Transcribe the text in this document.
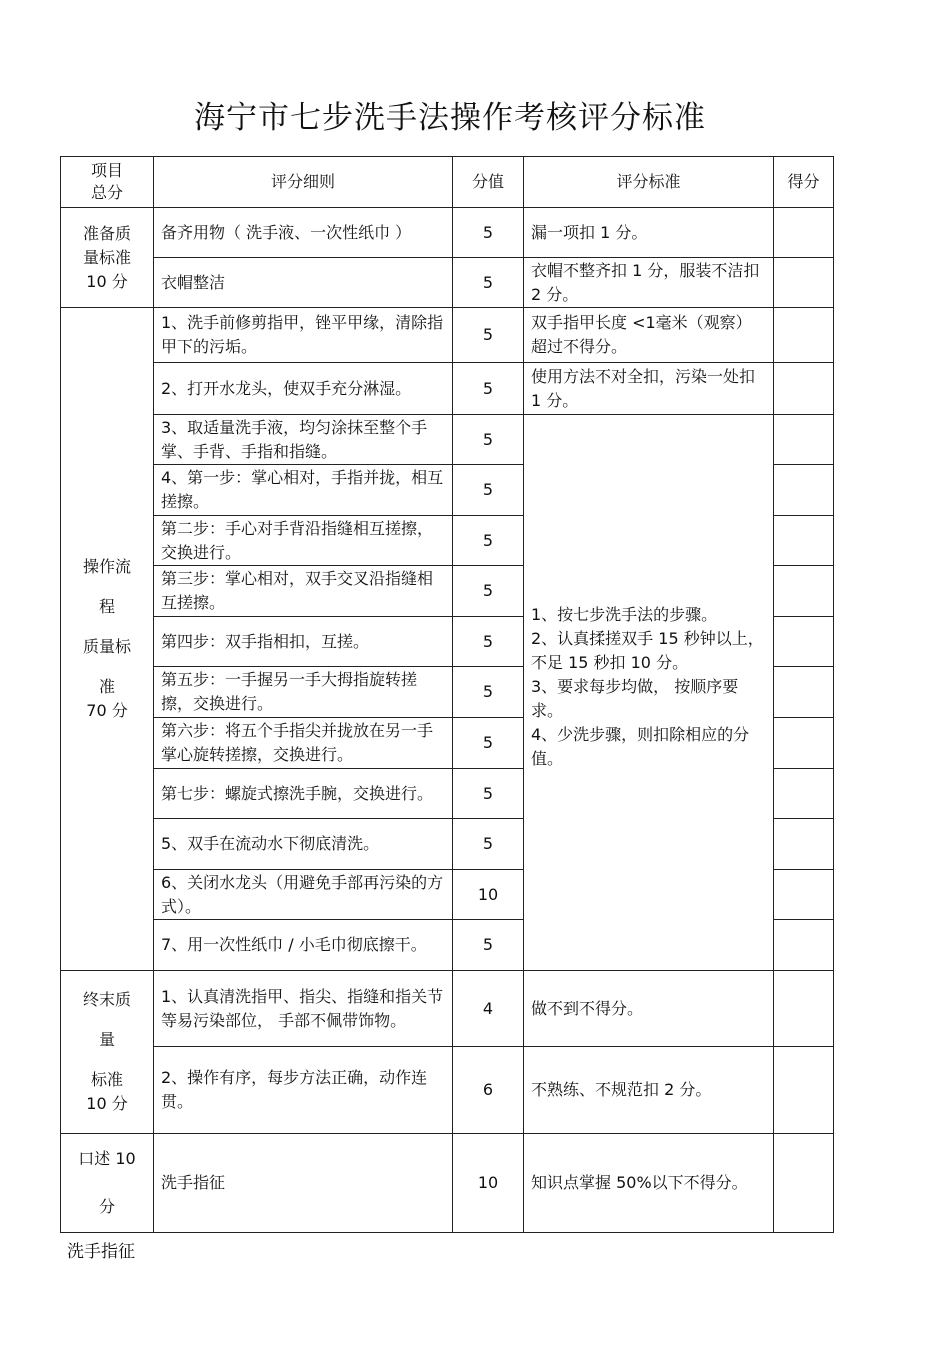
海宁市七步洗手法操作考核评分标准
项目
总分	评分细则	分值	评分标准	得分
准备质
量标准
10 分	备齐用物（ 洗手液、一次性纸巾 ）	5	漏一项扣 1 分。	
	衣帽整洁	5	衣帽不整齐扣 1 分，服装不洁扣 2 分。	
操作流
程
质量标
准
70 分	1、洗手前修剪指甲，锉平甲缘，清除指甲下的污垢。	5	双手指甲长度 <1毫米（观察）超过不得分。	
	2、打开水龙头，使双手充分淋湿。	5	使用方法不对全扣，污染一处扣 1 分。	
	3、取适量洗手液，均匀涂抹至整个手掌、手背、手指和指缝。	5	1、按七步洗手法的步骤。
2、认真揉搓双手 15 秒钟以上，不足 15 秒扣 10 分。
3、要求每步均做， 按顺序要求。
4、少洗步骤，则扣除相应的分值。	

	4、第一步：掌心相对，手指并拢，相互搓擦。	5		
	第二步：手心对手背沿指缝相互搓擦，交换进行。	5		
	第三步：掌心相对，双手交叉沿指缝相互搓擦。	5		
	第四步：双手指相扣，互搓。	5		
	第五步：一手握另一手大拇指旋转搓擦，交换进行。	5		
	第六步：将五个手指尖并拢放在另一手掌心旋转搓擦，交换进行。	5		
	第七步：螺旋式擦洗手腕，交换进行。	5		
	5、双手在流动水下彻底清洗。	5		
	6、关闭水龙头（用避免手部再污染的方式）。	10		
	7、用一次性纸巾 / 小毛巾彻底擦干。	5		
终末质
量
标准
10 分	1、认真清洗指甲、指尖、指缝和指关节等易污染部位， 手部不佩带饰物。	4	做不到不得分。	
	2、操作有序，每步方法正确，动作连贯。	6	不熟练、不规范扣 2 分。	
口述 10
分	洗手指征	10	知识点掌握 50%以下不得分。	
洗手指征
